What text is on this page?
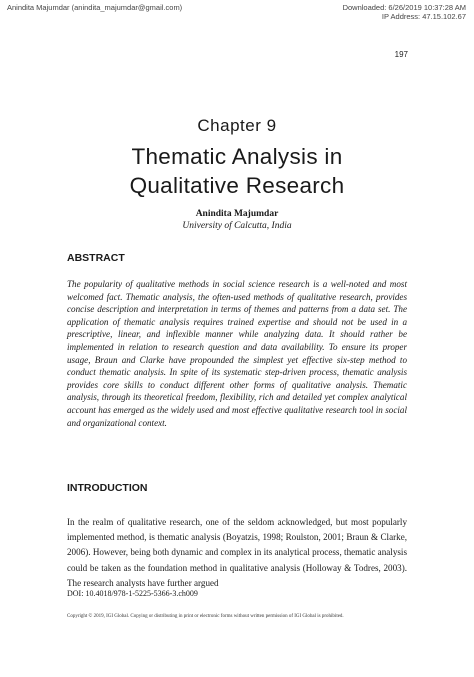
Anindita Majumdar (anindita_majumdar@gmail.com)	Downloaded: 6/26/2019 10:37:28 AM
IP Address: 47.15.102.67
197
Chapter 9
Thematic Analysis in
Qualitative Research
Anindita Majumdar
University of Calcutta, India
ABSTRACT
The popularity of qualitative methods in social science research is a well-noted and most welcomed fact. Thematic analysis, the often-used methods of qualitative research, provides concise description and interpretation in terms of themes and patterns from a data set. The application of thematic analysis requires trained expertise and should not be used in a prescriptive, linear, and inflexible manner while analyzing data. It should rather be implemented in relation to research question and data availability. To ensure its proper usage, Braun and Clarke have propounded the simplest yet effective six-step method to conduct thematic analysis. In spite of its systematic step-driven process, thematic analysis provides core skills to conduct different other forms of qualitative analysis. Thematic analysis, through its theoretical freedom, flexibility, rich and detailed yet complex analytical account has emerged as the widely used and most effective qualitative research tool in social and organizational context.
INTRODUCTION
In the realm of qualitative research, one of the seldom acknowledged, but most popularly implemented method, is thematic analysis (Boyatzis, 1998; Roulston, 2001; Braun & Clarke, 2006). However, being both dynamic and complex in its analytical process, thematic analysis could be taken as the foundation method in qualitative analysis (Holloway & Todres, 2003). The research analysts have further argued
DOI: 10.4018/978-1-5225-5366-3.ch009
Copyright © 2019, IGI Global. Copying or distributing in print or electronic forms without written permission of IGI Global is prohibited.
